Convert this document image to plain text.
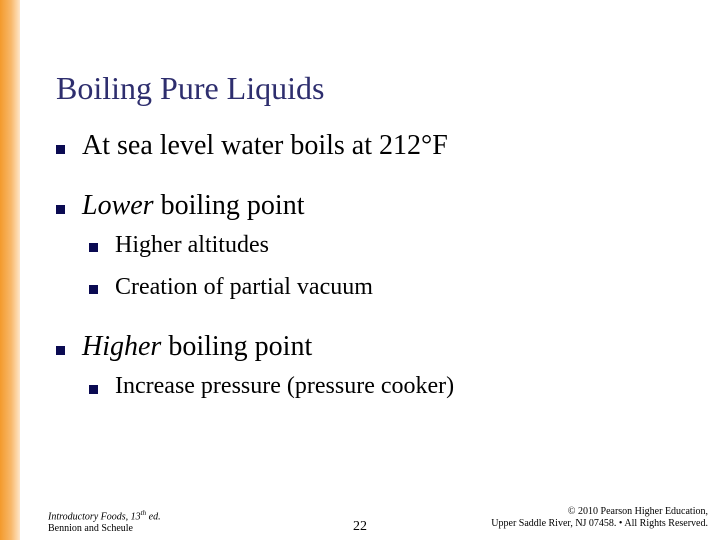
Boiling Pure Liquids
At sea level water boils at 212°F
Lower boiling point
Higher altitudes
Creation of partial vacuum
Higher boiling point
Increase pressure (pressure cooker)
Introductory Foods, 13th ed.
Bennion and Scheule	22
© 2010 Pearson Higher Education,
Upper Saddle River, NJ 07458. • All Rights Reserved.
